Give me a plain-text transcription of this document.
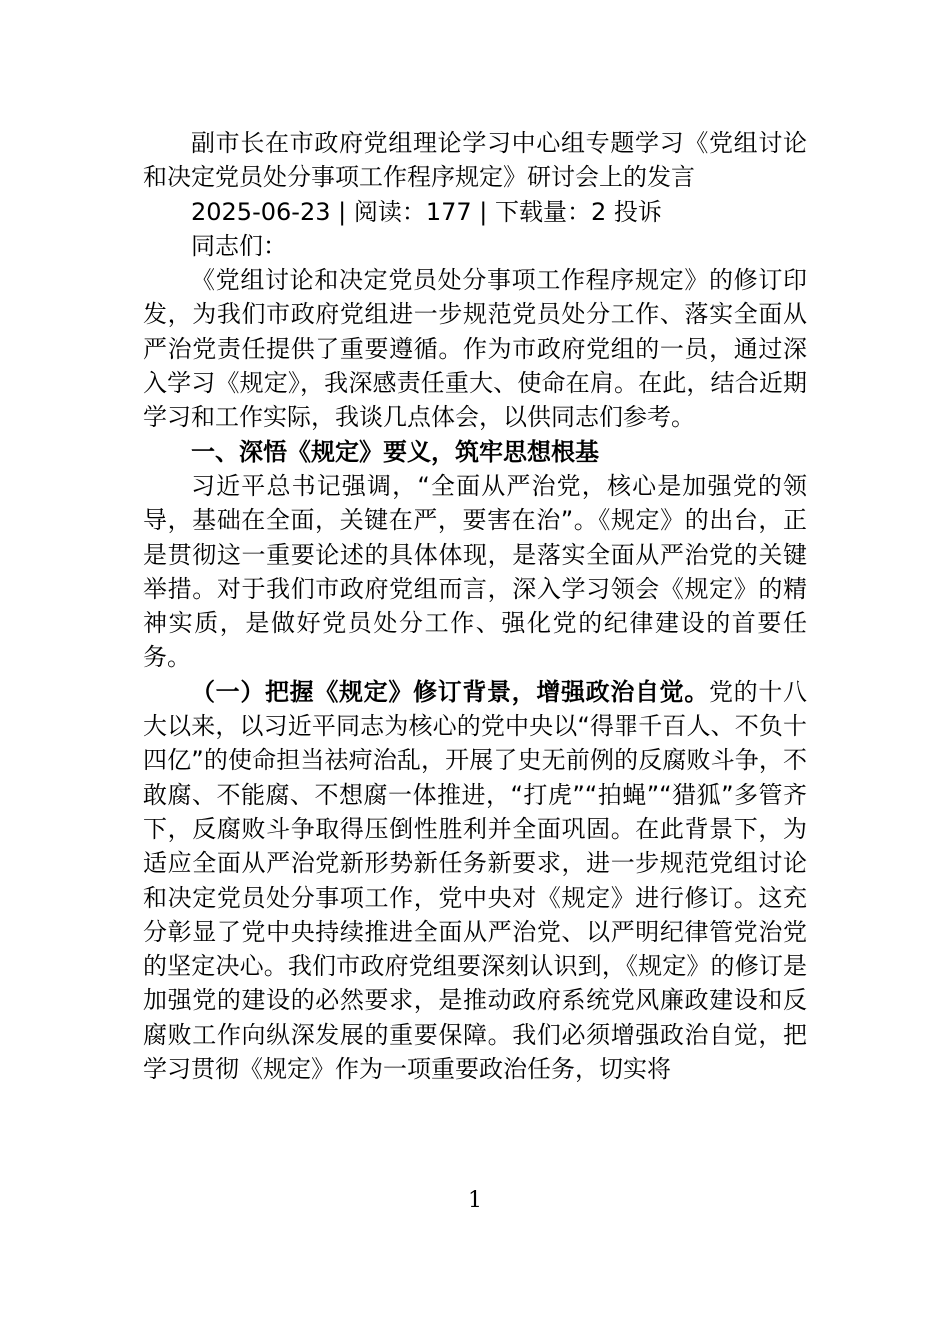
副市长在市政府党组理论学习中心组专题学习《党组讨论和决定党员处分事项工作程序规定》研讨会上的发言

2025-06-23 | 阅读：177 | 下载量：2 投诉

同志们：

《党组讨论和决定党员处分事项工作程序规定》的修订印发，为我们市政府党组进一步规范党员处分工作、落实全面从严治党责任提供了重要遵循。作为市政府党组的一员，通过深入学习《规定》，我深感责任重大、使命在肩。在此，结合近期学习和工作实际，我谈几点体会，以供同志们参考。

一、深悟《规定》要义，筑牢思想根基

习近平总书记强调，“全面从严治党，核心是加强党的领导，基础在全面，关键在严，要害在治”。《规定》的出台，正是贯彻这一重要论述的具体体现，是落实全面从严治党的关键举措。对于我们市政府党组而言，深入学习领会《规定》的精神实质，是做好党员处分工作、强化党的纪律建设的首要任务。

（一）把握《规定》修订背景，增强政治自觉。党的十八大以来，以习近平同志为核心的党中央以“得罪千百人、不负十四亿”的使命担当祛疴治乱，开展了史无前例的反腐败斗争，不敢腐、不能腐、不想腐一体推进，“打虎”“拍蝇”“猎狐”多管齐下，反腐败斗争取得压倒性胜利并全面巩固。在此背景下，为适应全面从严治党新形势新任务新要求，进一步规范党组讨论和决定党员处分事项工作，党中央对《规定》进行修订。这充分彰显了党中央持续推进全面从严治党、以严明纪律管党治党的坚定决心。我们市政府党组要深刻认识到，《规定》的修订是加强党的建设的必然要求，是推动政府系统党风廉政建设和反腐败工作向纵深发展的重要保障。我们必须增强政治自觉，把学习贯彻《规定》作为一项重要政治任务，切实将

1
